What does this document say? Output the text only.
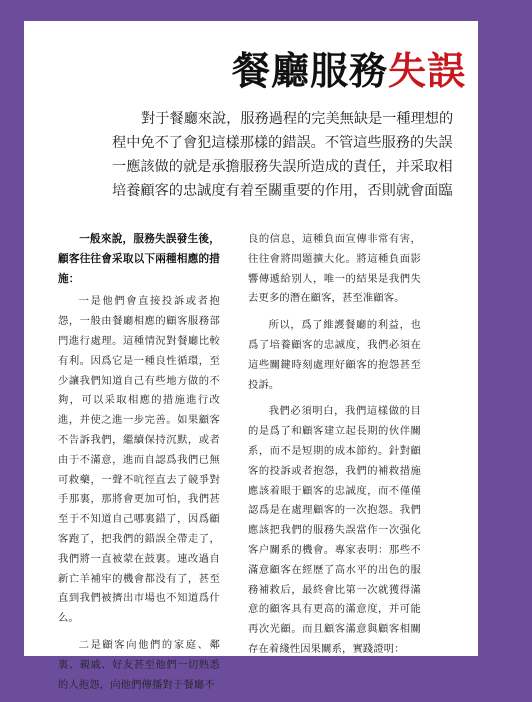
餐廳服務失誤
對于餐廳來說，服務過程的完美無缺是一種理想的
程中免不了會犯這樣那樣的錯誤。不管這些服務的失誤
一應該做的就是承擔服務失誤所造成的責任，并采取相
培養顧客的忠誠度有着至關重要的作用，否則就會面臨

一般來說，服務失誤發生後，顧客往往會采取以下兩種相應的措施：

一是他們會直接投訴或者抱怨，一般由餐廳相應的顧客服務部門進行處理。這種情況對餐廳比較有利。因爲它是一種良性循環，至少讓我們知道自己有些地方做的不夠，可以采取相應的措施進行改進，并使之進一步完善。如果顧客不告訴我們，繼續保持沉默，或者由于不滿意，進而自認爲我們已無可救藥，一聲不吭徑直去了競爭對手那裏，那將會更加可怕，我們甚至于不知道自己哪裏錯了，因爲顧客跑了，把我們的錯誤全帶走了，我們將一直被蒙在鼓裏。連改過自新亡羊補牢的機會都没有了，甚至直到我們被擠出市場也不知道爲什么。

二是顧客向他們的家庭、鄰裏、親戚、好友甚至他們一切熟悉的人抱怨，向他們傳播對于餐廳不

良的信息，這種負面宣傳非常有害，往往會將問題擴大化。將這種負面影響傳遞給别人，唯一的結果是我們失去更多的潛在顧客，甚至准顧客。

所以，爲了維護餐廳的利益，也爲了培養顧客的忠誠度，我們必須在這些關鍵時刻處理好顧客的抱怨甚至投訴。

我們必須明白，我們這樣做的目的是爲了和顧客建立起長期的伙伴關系，而不是短期的成本節約。針對顧客的投訴或者抱怨，我們的補救措施應該着眼于顧客的忠誠度，而不僅僅認爲是在處理顧客的一次抱怨。我們應該把我們的服務失誤當作一次强化客户關系的機會。專家表明：那些不滿意顧客在經歷了高水平的出色的服務補救后，最終會比第一次就獲得滿意的顧客具有更高的滿意度，并可能再次光顧。而且顧客滿意與顧客相關存在着綫性因果關系，實踐證明：
